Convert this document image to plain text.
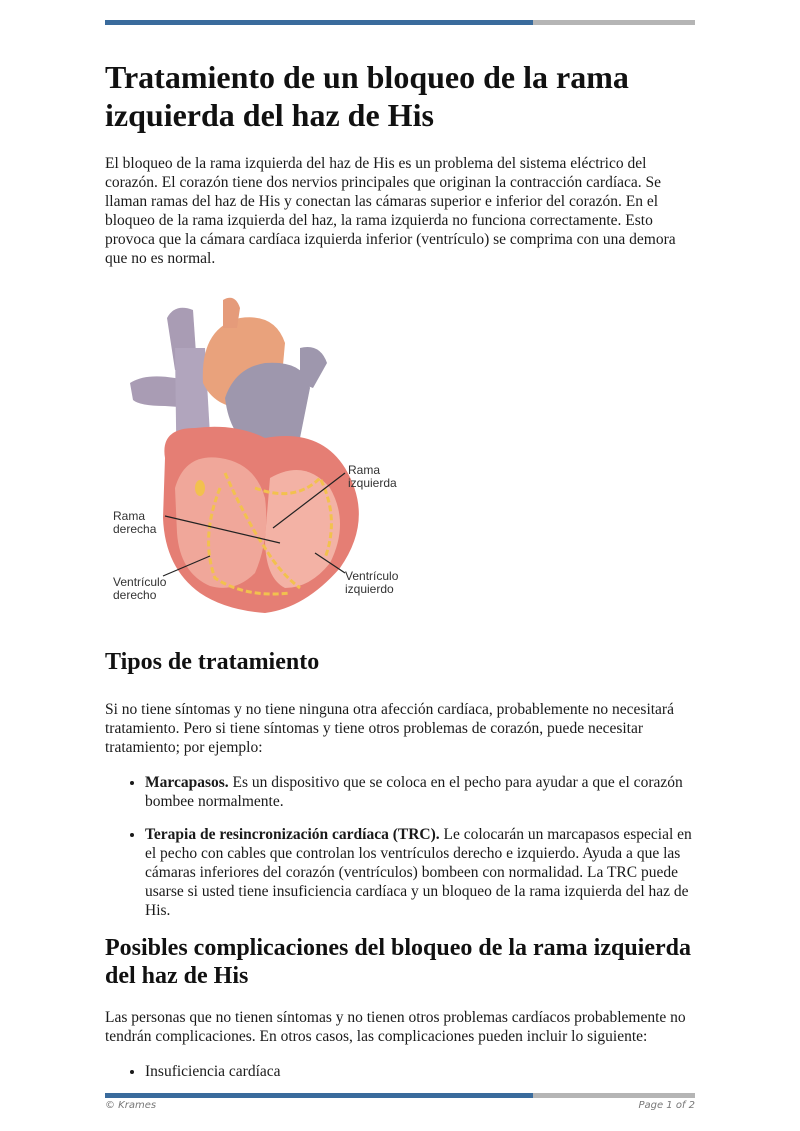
Tratamiento de un bloqueo de la rama izquierda del haz de His

El bloqueo de la rama izquierda del haz de His es un problema del sistema eléctrico del corazón. El corazón tiene dos nervios principales que originan la contracción cardíaca. Se llaman ramas del haz de His y conectan las cámaras superior e inferior del corazón. En el bloqueo de la rama izquierda del haz, la rama izquierda no funciona correctamente. Esto provoca que la cámara cardíaca izquierda inferior (ventrículo) se comprima con una demora que no es normal.

Rama
izquierda
Rama
derecha
Ventrículo
derecho
Ventrículo
izquierdo
Tipos de tratamiento

Si no tiene síntomas y no tiene ninguna otra afección cardíaca, probablemente no necesitará tratamiento. Pero si tiene síntomas y tiene otros problemas de corazón, puede necesitar tratamiento; por ejemplo:

• Marcapasos. Es un dispositivo que se coloca en el pecho para ayudar a que el corazón bombee normalmente.
• Terapia de resincronización cardíaca (TRC). Le colocarán un marcapasos especial en el pecho con cables que controlan los ventrículos derecho e izquierdo. Ayuda a que las cámaras inferiores del corazón (ventrículos) bombeen con normalidad. La TRC puede usarse si usted tiene insuficiencia cardíaca y un bloqueo de la rama izquierda del haz de His.
Posibles complicaciones del bloqueo de la rama izquierda del haz de His

Las personas que no tienen síntomas y no tienen otros problemas cardíacos probablemente no tendrán complicaciones. En otros casos, las complicaciones pueden incluir lo siguiente:

• Insuficiencia cardíaca
© Krames	Page 1 of 2
